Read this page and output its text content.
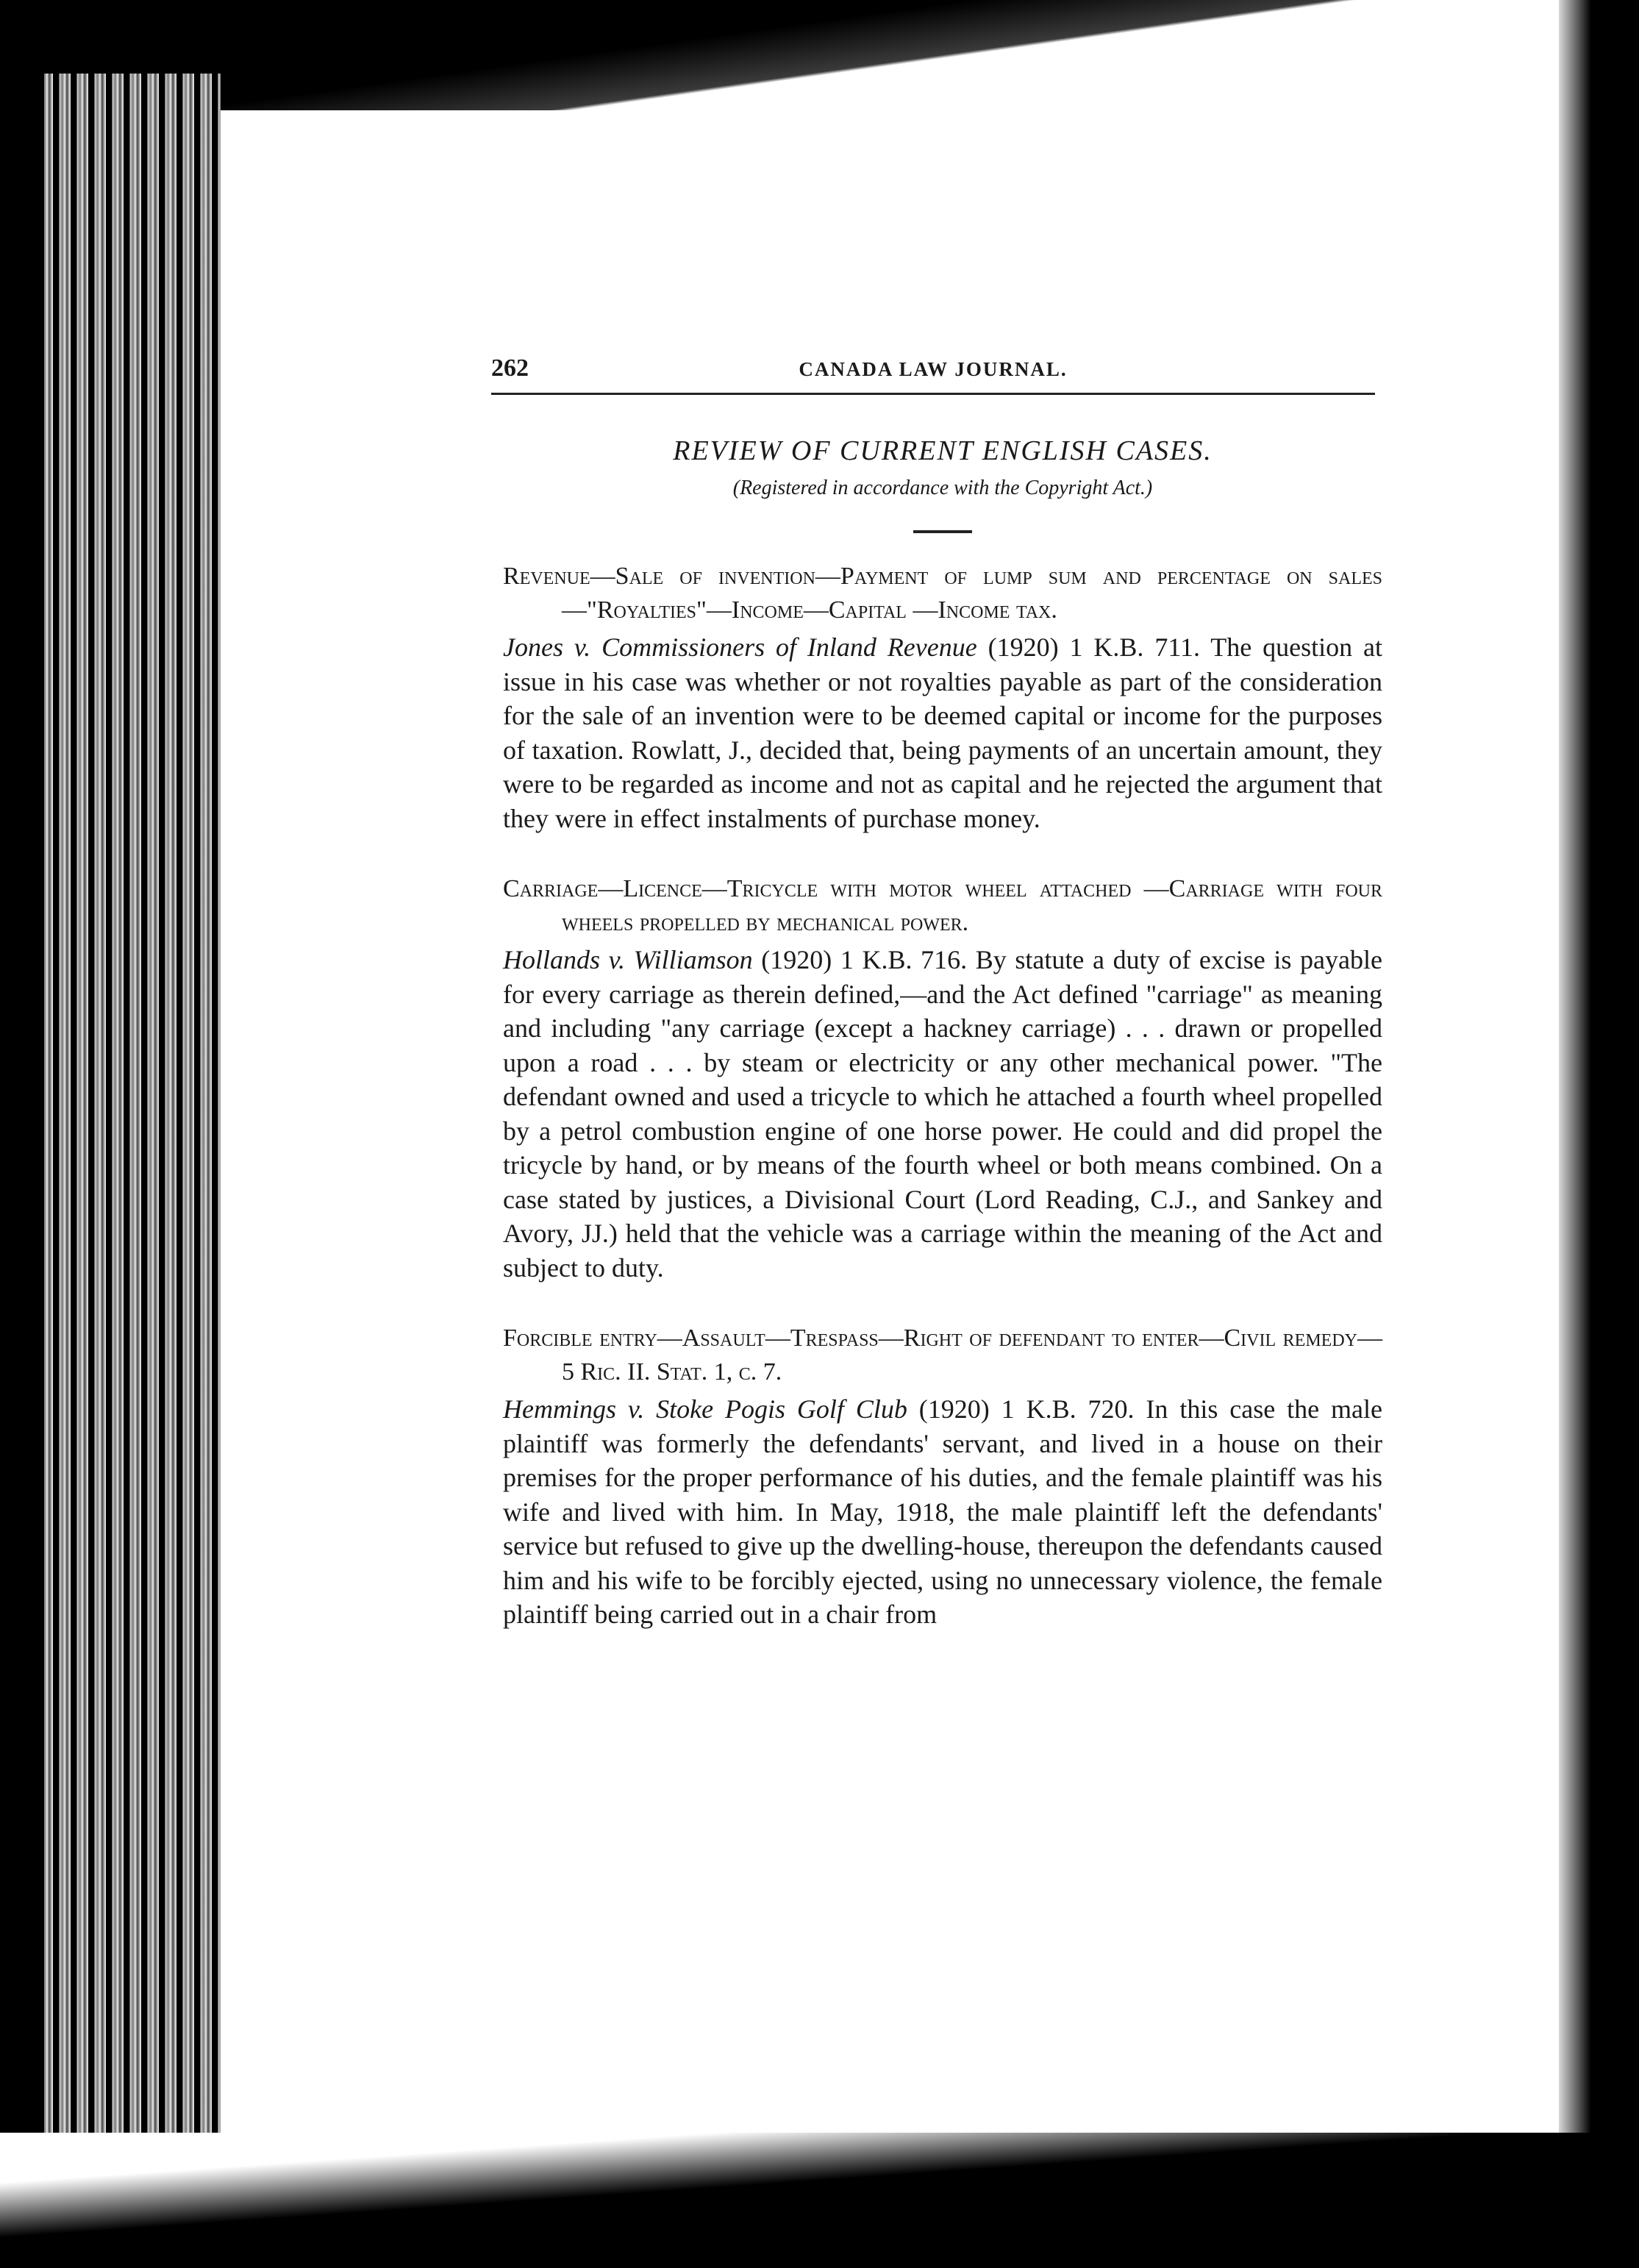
262	CANADA LAW JOURNAL.

REVIEW OF CURRENT ENGLISH CASES.

(Registered in accordance with the Copyright Act.)

Revenue—Sale of invention—Payment of lump sum and percentage on sales—"Royalties"—Income—Capital —Income tax.

Jones v. Commissioners of Inland Revenue (1920) 1 K.B. 711. The question at issue in his case was whether or not royalties payable as part of the consideration for the sale of an invention were to be deemed capital or income for the purposes of taxation. Rowlatt, J., decided that, being payments of an uncertain amount, they were to be regarded as income and not as capital and he rejected the argument that they were in effect instalments of purchase money.

Carriage—Licence—Tricycle with motor wheel attached —Carriage with four wheels propelled by mechanical power.

Hollands v. Williamson (1920) 1 K.B. 716. By statute a duty of excise is payable for every carriage as therein defined,—and the Act defined "carriage" as meaning and including "any carriage (except a hackney carriage) . . . drawn or propelled upon a road . . . by steam or electricity or any other mechanical power. "The defendant owned and used a tricycle to which he attached a fourth wheel propelled by a petrol combustion engine of one horse power. He could and did propel the tricycle by hand, or by means of the fourth wheel or both means combined. On a case stated by justices, a Divisional Court (Lord Reading, C.J., and Sankey and Avory, JJ.) held that the vehicle was a carriage within the meaning of the Act and subject to duty.

Forcible entry—Assault—Trespass—Right of defendant to enter—Civil remedy—5 Ric. II. Stat. 1, c. 7.

Hemmings v. Stoke Pogis Golf Club (1920) 1 K.B. 720. In this case the male plaintiff was formerly the defendants' servant, and lived in a house on their premises for the proper performance of his duties, and the female plaintiff was his wife and lived with him. In May, 1918, the male plaintiff left the defendants' service but refused to give up the dwelling-house, thereupon the defendants caused him and his wife to be forcibly ejected, using no unnecessary violence, the female plaintiff being carried out in a chair from
